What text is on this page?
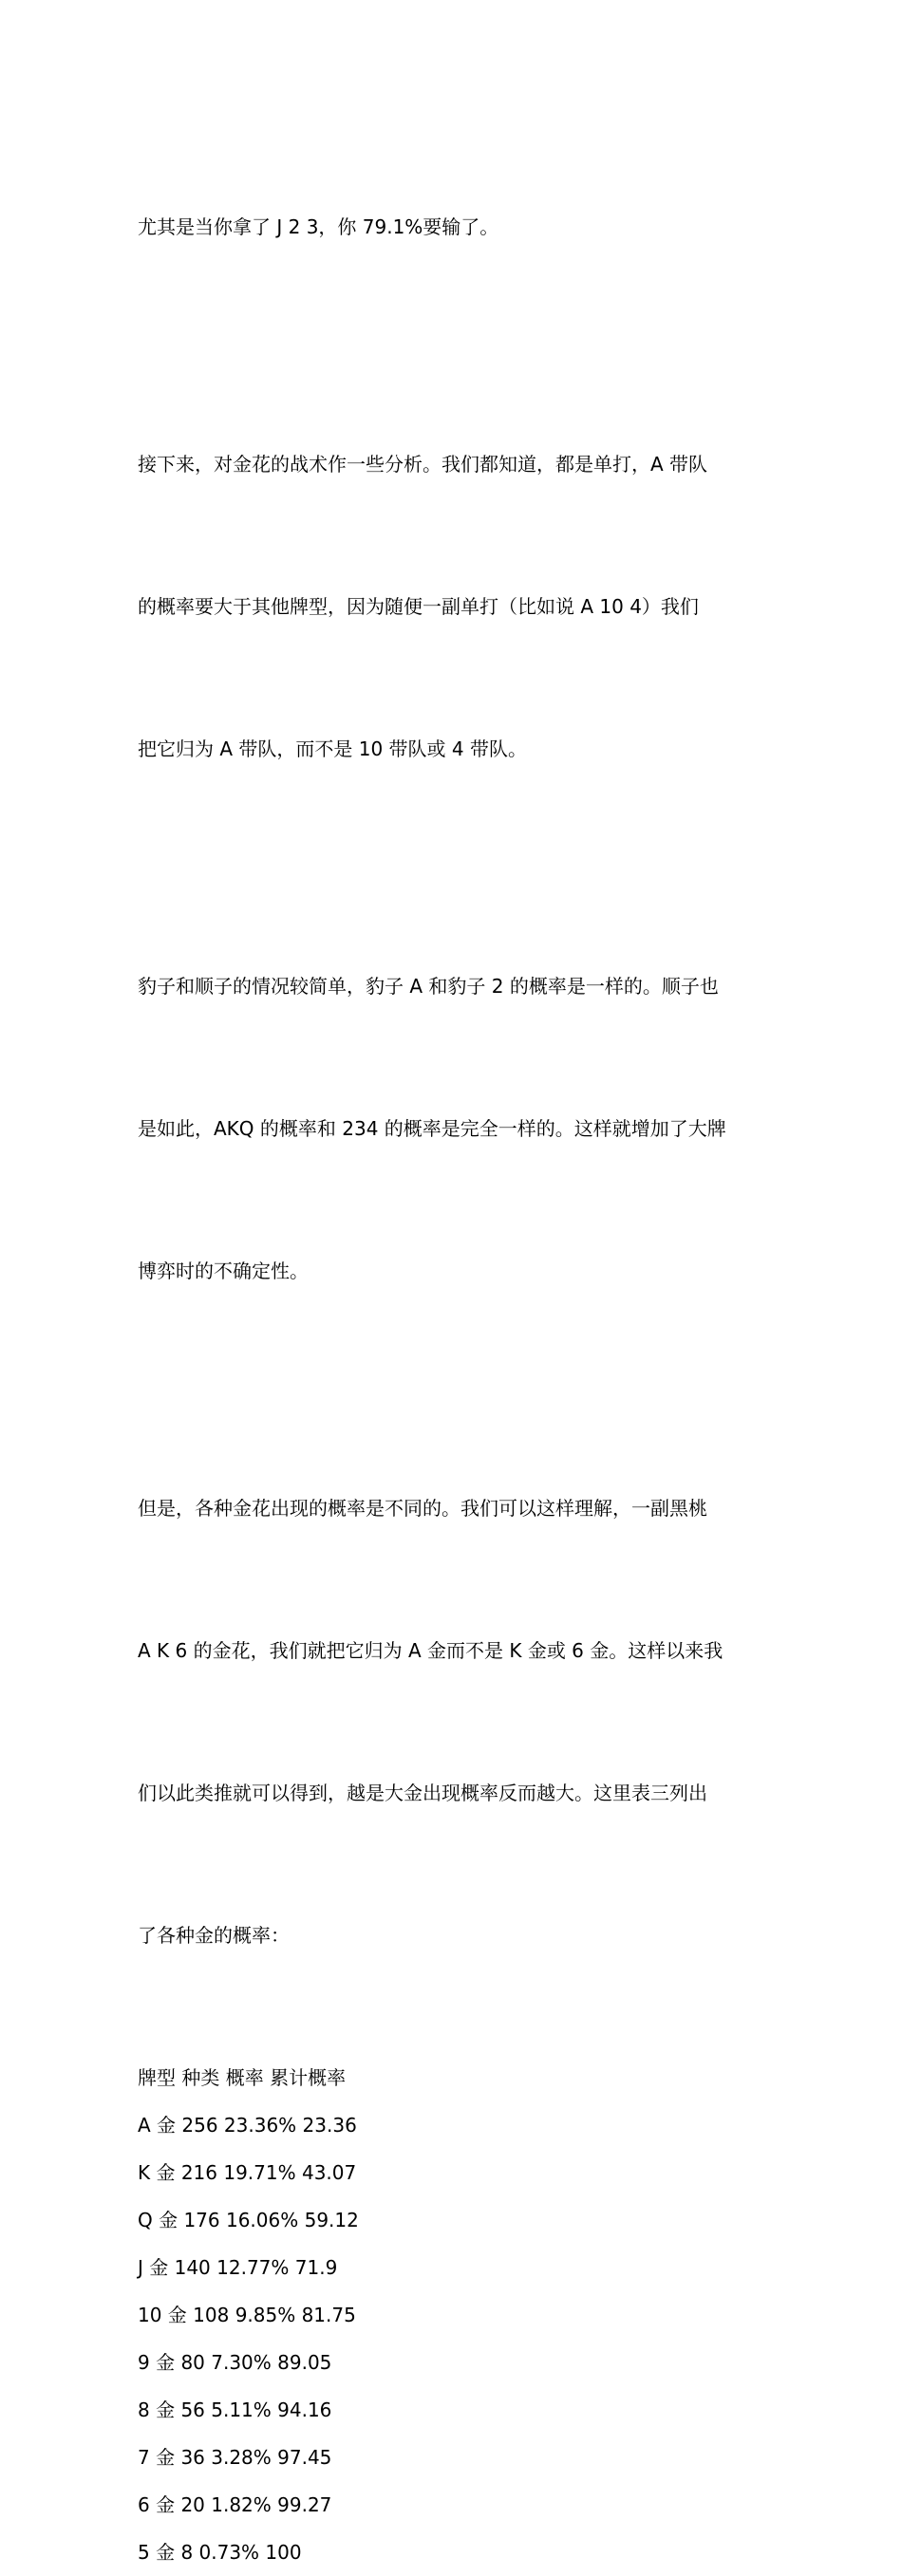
尤其是当你拿了 J 2 3，你 79.1%要输了。

接下来，对金花的战术作一些分析。我们都知道，都是单打，A 带队

的概率要大于其他牌型，因为随便一副单打（比如说 A 10 4）我们

把它归为 A 带队，而不是 10 带队或 4 带队。

豹子和顺子的情况较简单，豹子 A 和豹子 2 的概率是一样的。顺子也

是如此，AKQ 的概率和 234 的概率是完全一样的。这样就增加了大牌

博弈时的不确定性。

但是，各种金花出现的概率是不同的。我们可以这样理解，一副黑桃

A K 6 的金花，我们就把它归为 A 金而不是 K 金或 6 金。这样以来我

们以此类推就可以得到，越是大金出现概率反而越大。这里表三列出

了各种金的概率：

牌型 种类 概率 累计概率

A 金 256 23.36% 23.36

K 金 216 19.71% 43.07

Q 金 176 16.06% 59.12

J 金 140 12.77% 71.9

10 金 108 9.85% 81.75

9 金 80 7.30% 89.05

8 金 56 5.11% 94.16

7 金 36 3.28% 97.45

6 金 20 1.82% 99.27

5 金 8 0.73% 100
